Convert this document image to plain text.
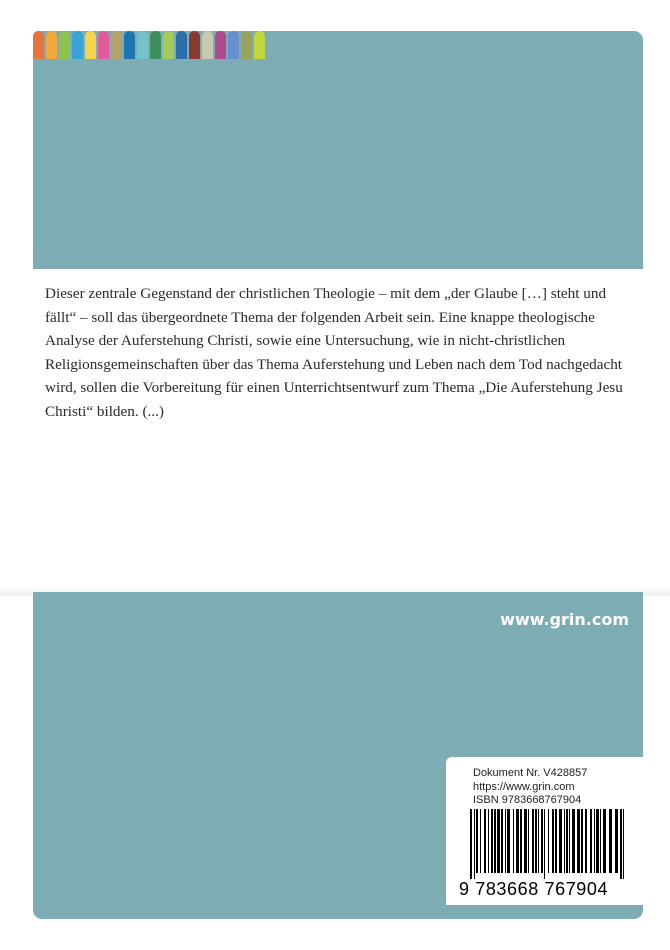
Dieser zentrale Gegenstand der christlichen Theologie – mit dem „der Glaube […] steht und fällt“ – soll das übergeordnete Thema der folgenden Arbeit sein. Eine knappe theologische Analyse der Auferstehung Christi, sowie eine Untersuchung, wie in nicht-christlichen Religionsgemeinschaften über das Thema Auferstehung und Leben nach dem Tod nachgedacht wird, sollen die Vorbereitung für einen Unterrichtsentwurf zum Thema „Die Auferstehung Jesu Christi“ bilden. (...)
www.grin.com
Dokument Nr. V428857
https://www.grin.com
ISBN 9783668767904
9 783668 767904
